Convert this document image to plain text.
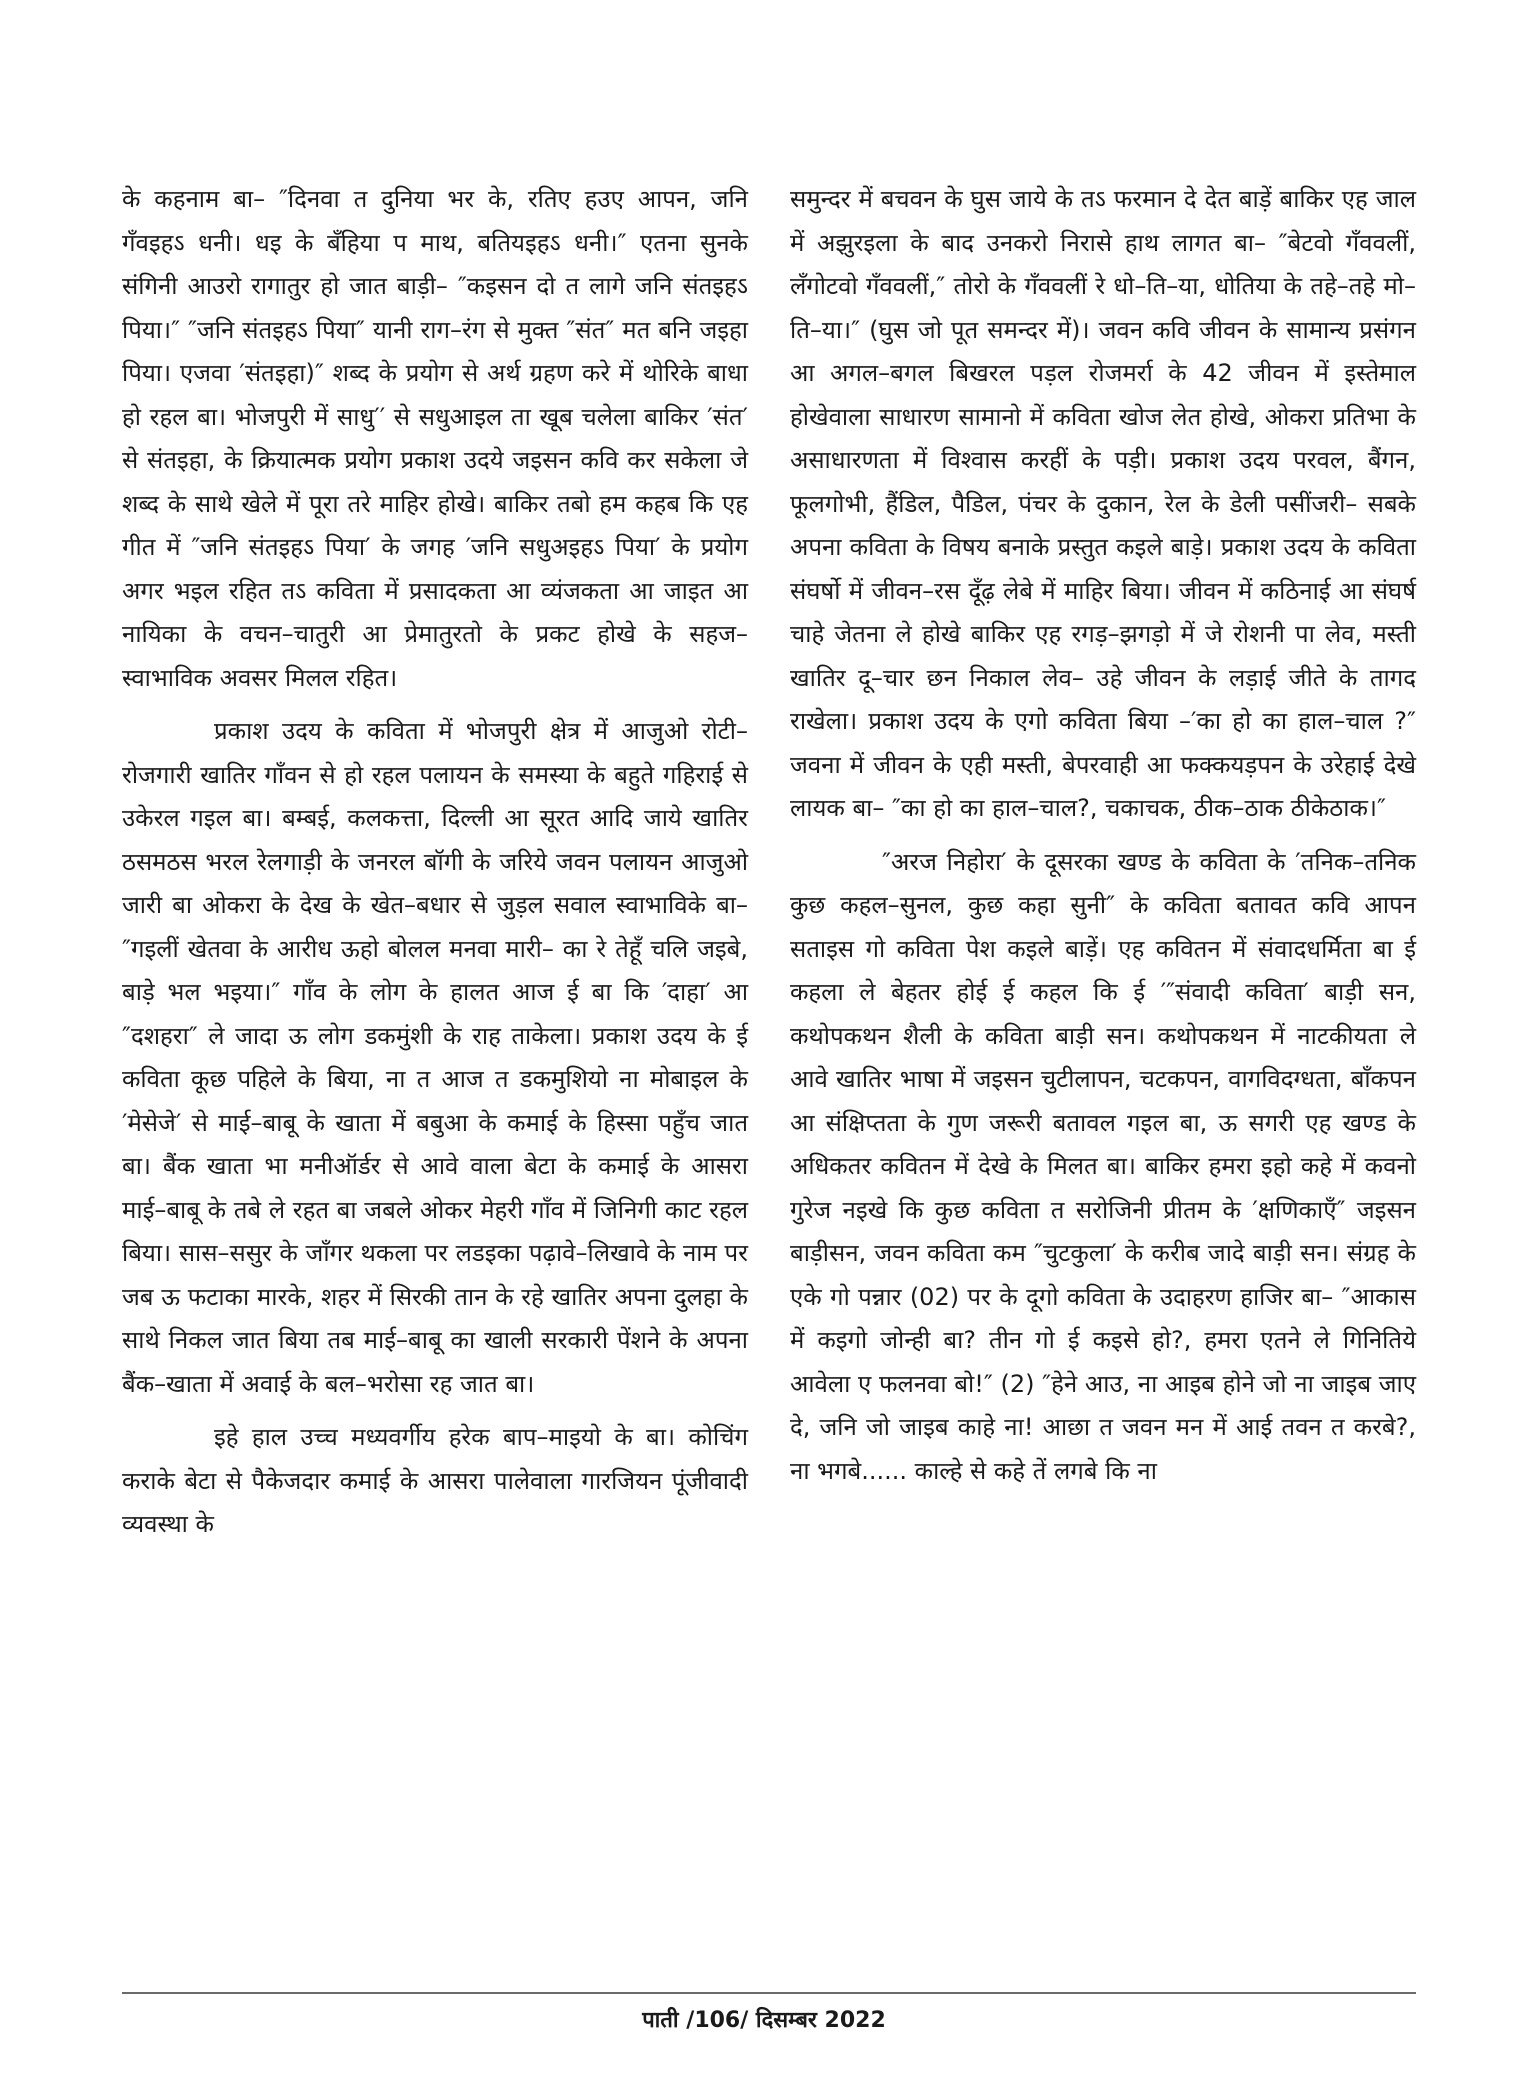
के कहनाम बा– ″दिनवा त दुनिया भर के, रतिए हउए आपन, जनि गँवइहऽ धनी। धइ के बँहिया प माथ, बतियइहऽ धनी।″ एतना सुनके संगिनी आउरो रागातुर हो जात बाड़ी– ″कइसन दो त लागे जनि संतइहऽ पिया।″ ″जनि संतइहऽ पिया″ यानी राग–रंग से मुक्त ″संत″ मत बनि जइहा पिया। एजवा ′संतइहा)″ शब्द के प्रयोग से अर्थ ग्रहण करे में थोरिके बाधा हो रहल बा। भोजपुरी में साधु′′ से सधुआइल ता खूब चलेला बाकिर ′संत′ से संतइहा, के क्रियात्मक प्रयोग प्रकाश उदये जइसन कवि कर सकेला जे शब्द के साथे खेले में पूरा तरे माहिर होखे। बाकिर तबो हम कहब कि एह गीत में ″जनि संतइहऽ पिया′ के जगह ′जनि सधुअइहऽ पिया′ के प्रयोग अगर भइल रहित तऽ कविता में प्रसादकता आ व्यंजकता आ जाइत आ नायिका के वचन–चातुरी आ प्रेमातुरतो के प्रकट होखे के सहज–स्वाभाविक अवसर मिलल रहित।

प्रकाश उदय के कविता में भोजपुरी क्षेत्र में आजुओ रोटी–रोजगारी खातिर गाँवन से हो रहल पलायन के समस्या के बहुते गहिराई से उकेरल गइल बा। बम्बई, कलकत्ता, दिल्ली आ सूरत आदि जाये खातिर ठसमठस भरल रेलगाड़ी के जनरल बॉगी के जरिये जवन पलायन आजुओ जारी बा ओकरा के देख के खेत–बधार से जुड़ल सवाल स्वाभाविके बा– ″गइलीं खेतवा के आरीध ऊहो बोलल मनवा मारी– का रे तेहूँ चलि जइबे, बाड़े भल भइया।″ गाँव के लोग के हालत आज ई बा कि ′दाहा′ आ ″दशहरा″ ले जादा ऊ लोग डकमुंशी के राह ताकेला। प्रकाश उदय के ई कविता कूछ पहिले के बिया, ना त आज त डकमुशियो ना मोबाइल के ′मेसेजे′ से माई–बाबू के खाता में बबुआ के कमाई के हिस्सा पहुँच जात बा। बैंक खाता भा मनीऑर्डर से आवे वाला बेटा के कमाई के आसरा माई–बाबू के तबे ले रहत बा जबले ओकर मेहरी गाँव में जिनिगी काट रहल बिया। सास–ससुर के जाँगर थकला पर लडइका पढ़ावे–लिखावे के नाम पर जब ऊ फटाका मारके, शहर में सिरकी तान के रहे खातिर अपना दुलहा के साथे निकल जात बिया तब माई–बाबू का खाली सरकारी पेंशने के अपना बैंक–खाता में अवाई के बल–भरोसा रह जात बा।

इहे हाल उच्च मध्यवर्गीय हरेक बाप–माइयो के बा। कोचिंग कराके बेटा से पैकेजदार कमाई के आसरा पालेवाला गारजियन पूंजीवादी व्यवस्था के

समुन्दर में बचवन के घुस जाये के तऽ फरमान दे देत बाड़ें बाकिर एह जाल में अझुरइला के बाद उनकरो निरासे हाथ लागत बा– ″बेटवो गँववलीं, लँगोटवो गँववलीं,″ तोरो के गँववलीं रे धो–ति–या, धोतिया के तहे–तहे मो–ति–या।″ (घुस जो पूत समन्दर में)। जवन कवि जीवन के सामान्य प्रसंगन आ अगल–बगल बिखरल पड़ल रोजमर्रा के 42 जीवन में इस्तेमाल होखेवाला साधारण सामानो में कविता खोज लेत होखे, ओकरा प्रतिभा के असाधारणता में विश्वास करहीं के पड़ी। प्रकाश उदय परवल, बैंगन, फूलगोभी, हैंडिल, पैडिल, पंचर के दुकान, रेल के डेली पसींजरी– सबके अपना कविता के विषय बनाके प्रस्तुत कइले बाड़े। प्रकाश उदय के कविता संघर्षो में जीवन–रस दूँढ़ लेबे में माहिर बिया। जीवन में कठिनाई आ संघर्ष चाहे जेतना ले होखे बाकिर एह रगड़–झगड़ो में जे रोशनी पा लेव, मस्ती खातिर दू–चार छन निकाल लेव– उहे जीवन के लड़ाई जीते के तागद राखेला। प्रकाश उदय के एगो कविता बिया –′का हो का हाल–चाल ?″ जवना में जीवन के एही मस्ती, बेपरवाही आ फक्कयड़पन के उरेहाई देखे लायक बा– ″का हो का हाल–चाल?, चकाचक, ठीक–ठाक ठीकेठाक।″

″अरज निहोरा′ के दूसरका खण्ड के कविता के ′तनिक–तनिक कुछ कहल–सुनल, कुछ कहा सुनी″ के कविता बतावत कवि आपन सताइस गो कविता पेश कइले बाड़ें। एह कवितन में संवादधर्मिता बा ई कहला ले बेहतर होई ई कहल कि ई ′″संवादी कविता′ बाड़ी सन, कथोपकथन शैली के कविता बाड़ी सन। कथोपकथन में नाटकीयता ले आवे खातिर भाषा में जइसन चुटीलापन, चटकपन, वागविदग्धता, बाँकपन आ संक्षिप्तता के गुण जरूरी बतावल गइल बा, ऊ सगरी एह खण्ड के अधिकतर कवितन में देखे के मिलत बा। बाकिर हमरा इहो कहे में कवनो गुरेज नइखे कि कुछ कविता त सरोजिनी प्रीतम के ′क्षणिकाएँ″ जइसन बाड़ीसन, जवन कविता कम ″चुटकुला′ के करीब जादे बाड़ी सन। संग्रह के एके गो पन्नार (02) पर के दूगो कविता के उदाहरण हाजिर बा– ″आकास में कइगो जोन्ही बा? तीन गो ई कइसे हो?, हमरा एतने ले गिनितिये आवेला ए फलनवा बो!″ (2) ″हेने आउ, ना आइब होने जो ना जाइब जाए दे, जनि जो जाइब काहे ना! आछा त जवन मन में आई तवन त करबे?, ना भगबे...... काल्हे से कहे तें लगबे कि ना

पाती /106/ दिसम्बर 2022
